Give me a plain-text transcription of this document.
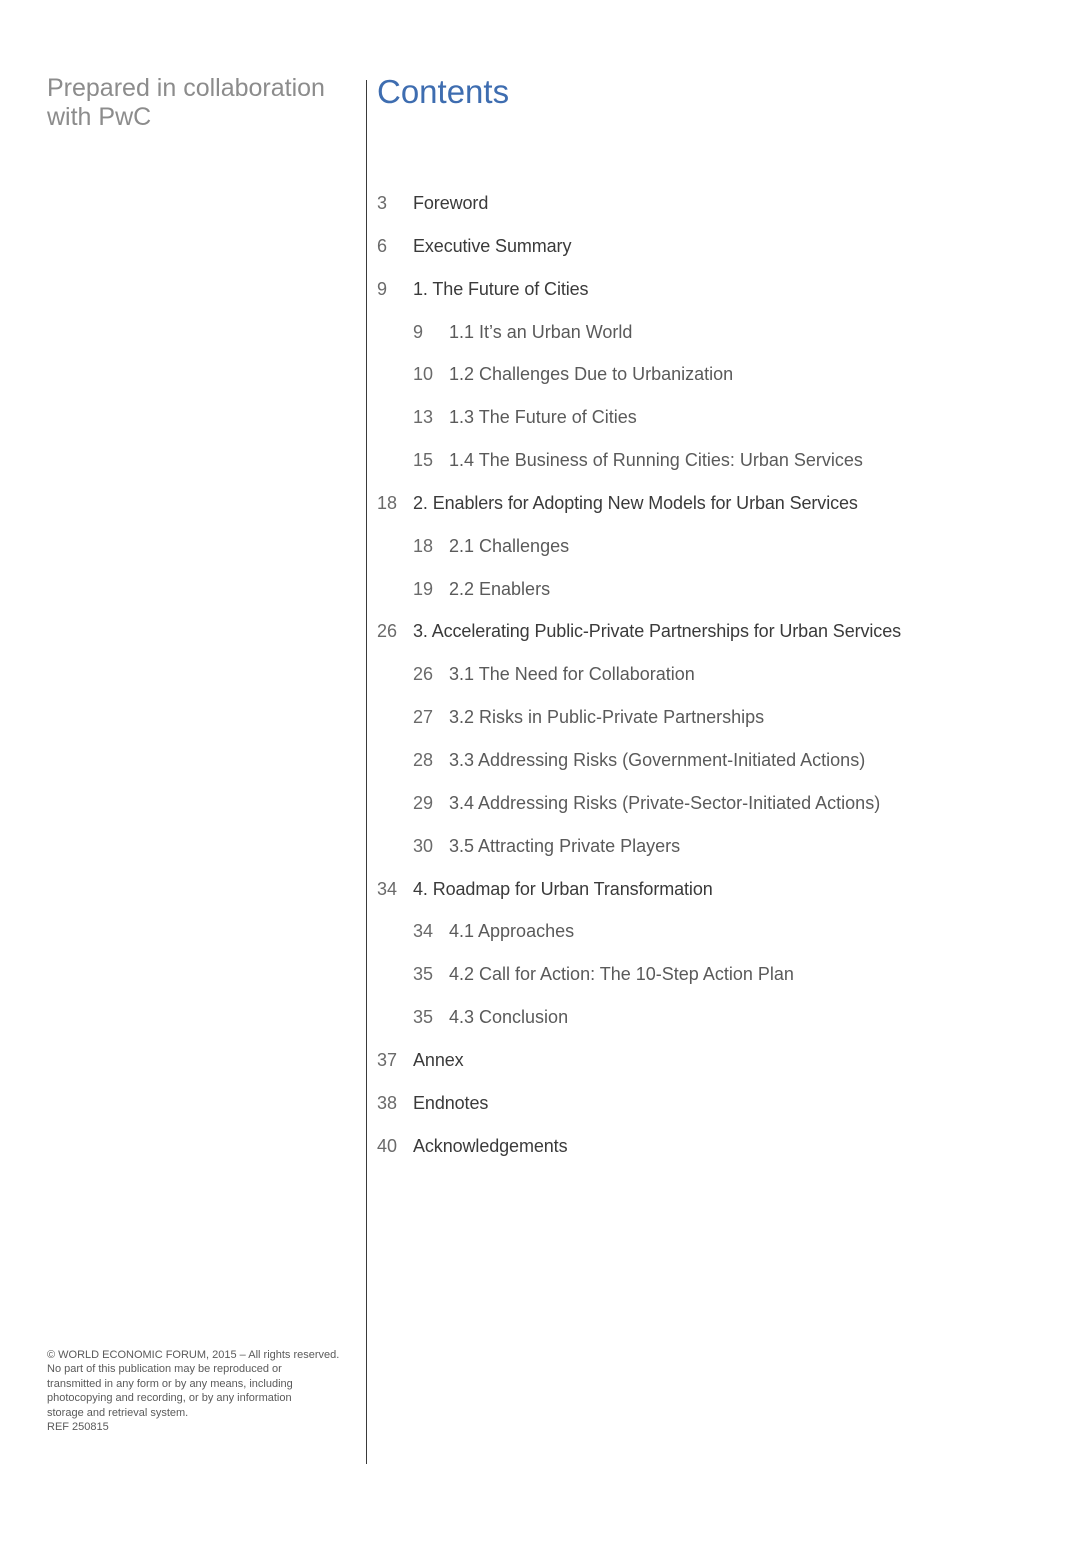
Prepared in collaboration
with PwC
Contents
3	Foreword
6	Executive Summary
9	1. The Future of Cities
9	1.1 It’s an Urban World
10 1.2 Challenges Due to Urbanization
13 1.3 The Future of Cities
15 1.4 The Business of Running Cities: Urban Services
18 2. Enablers for Adopting New Models for Urban Services
18 2.1 Challenges
19 2.2 Enablers
26 3. Accelerating Public-Private Partnerships for Urban Services
26 3.1 The Need for Collaboration
27 3.2 Risks in Public-Private Partnerships
28 3.3 Addressing Risks (Government-Initiated Actions)
29 3.4 Addressing Risks (Private-Sector-Initiated Actions)
30 3.5 Attracting Private Players
34 4. Roadmap for Urban Transformation
34 4.1 Approaches
35 4.2 Call for Action: The 10-Step Action Plan
35 4.3 Conclusion
37 Annex
38 Endnotes
40 Acknowledgements
© WORLD ECONOMIC FORUM, 2015 – All rights reserved.
No part of this publication may be reproduced or
transmitted in any form or by any means, including
photocopying and recording, or by any information
storage and retrieval system.
REF 250815
